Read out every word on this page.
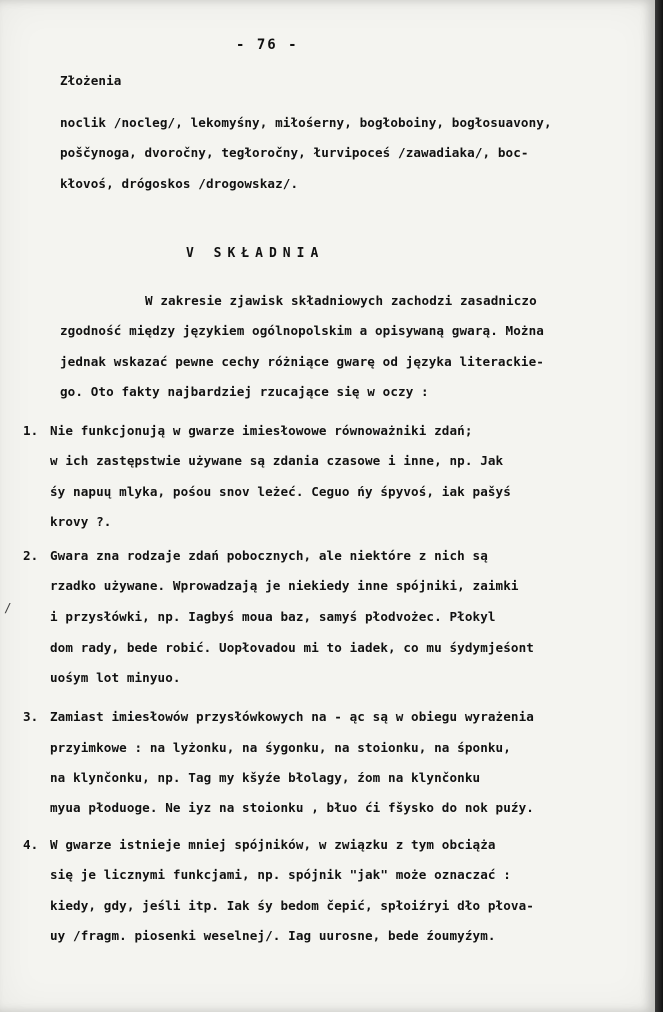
- 76 -
Złożenia
noclik /nocleg/, lekomyśny, miłośerny, bogłoboiny, bogłosuavony,
poščynoga, dvoročny, tegłoročny, łurvipoceś /zawadiaka/, boc-
kłovoś, drógoskos /drogowskaz/.
V SKŁADNIA
W zakresie zjawisk składniowych zachodzi zasadniczo
zgodność między językiem ogólnopolskim a opisywaną gwarą. Można
jednak wskazać pewne cechy różniące gwarę od języka literackie-
go. Oto fakty najbardziej rzucające się w oczy :
1. Nie funkcjonują w gwarze imiesłowowe równoważniki zdań;
w ich zastępstwie używane są zdania czasowe i inne, np. Jak
śy napuų mlyka, pośou snov leżeć. Ceguo ńy śpyvoś, iak pašyś
krovy ?.
2. Gwara zna rodzaje zdań pobocznych, ale niektóre z nich są
rzadko używane. Wprowadzają je niekiedy inne spójniki, zaimki
i przysłówki, np. Iagbyś moua baz, samyś płodvożec. Płokyl
dom rady, bede robić. Uopłovadou mi to iadek, co mu śydymjeśont
uośym lot minyuo.
3. Zamiast imiesłowów przysłówkowych na - ąc są w obiegu wyrażenia
przyimkowe : na lyżonku, na śygonku, na stoionku, na śponku,
na klynčonku, np. Tag my kšyźe błolagy, źom na klynčonku
myua płoduoge. Ne iyz na stoionku , błuo ći fšysko do nok puźy.
4. W gwarze istnieje mniej spójników, w związku z tym obciąża
się je licznymi funkcjami, np. spójnik "jak" może oznaczać :
kiedy, gdy, jeśli itp. Iak śy bedom čepić, spłoiźryi dło płova-
uy /fragm. piosenki weselnej/. Iag uurosne, bede źoumyźym.
/
